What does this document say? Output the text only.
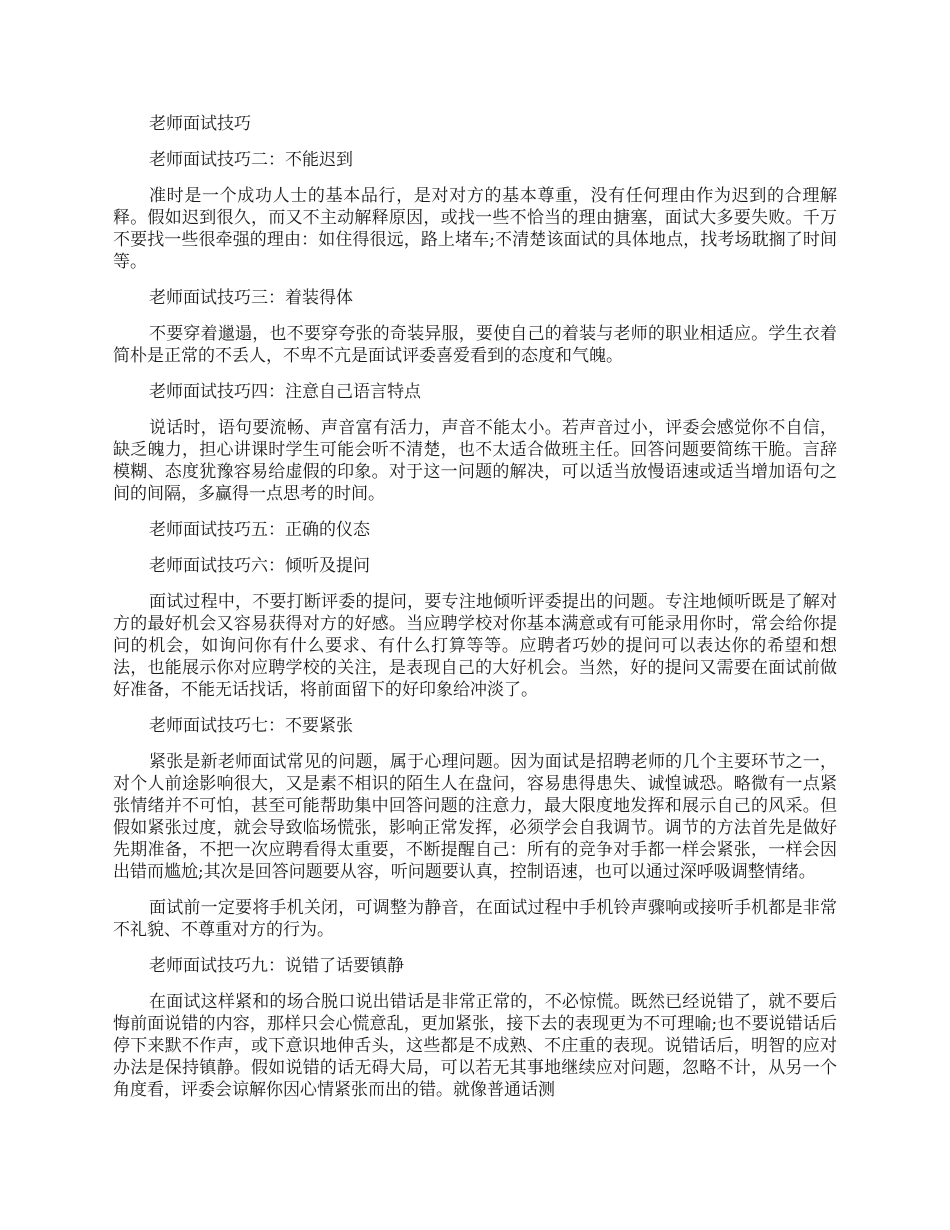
老师面试技巧
老师面试技巧二：不能迟到
准时是一个成功人士的基本品行，是对对方的基本尊重，没有任何理由作为迟到的合理解释。假如迟到很久，而又不主动解释原因，或找一些不恰当的理由搪塞，面试大多要失败。千万不要找一些很牵强的理由：如住得很远，路上堵车;不清楚该面试的具体地点，找考场耽搁了时间等。
老师面试技巧三：着装得体
不要穿着邋遢，也不要穿夸张的奇装异服，要使自己的着装与老师的职业相适应。学生衣着简朴是正常的不丢人，不卑不亢是面试评委喜爱看到的态度和气魄。
老师面试技巧四：注意自己语言特点
说话时，语句要流畅、声音富有活力，声音不能太小。若声音过小，评委会感觉你不自信，缺乏魄力，担心讲课时学生可能会听不清楚，也不太适合做班主任。回答问题要简练干脆。言辞模糊、态度犹豫容易给虚假的印象。对于这一问题的解决，可以适当放慢语速或适当增加语句之间的间隔，多赢得一点思考的时间。
老师面试技巧五：正确的仪态
老师面试技巧六：倾听及提问
面试过程中，不要打断评委的提问，要专注地倾听评委提出的问题。专注地倾听既是了解对方的最好机会又容易获得对方的好感。当应聘学校对你基本满意或有可能录用你时，常会给你提问的机会，如询问你有什么要求、有什么打算等等。应聘者巧妙的提问可以表达你的希望和想法，也能展示你对应聘学校的关注，是表现自己的大好机会。当然，好的提问又需要在面试前做好准备，不能无话找话，将前面留下的好印象给冲淡了。
老师面试技巧七：不要紧张
紧张是新老师面试常见的问题，属于心理问题。因为面试是招聘老师的几个主要环节之一，对个人前途影响很大，又是素不相识的陌生人在盘问，容易患得患失、诚惶诚恐。略微有一点紧张情绪并不可怕，甚至可能帮助集中回答问题的注意力，最大限度地发挥和展示自己的风采。但假如紧张过度，就会导致临场慌张，影响正常发挥，必须学会自我调节。调节的方法首先是做好先期准备，不把一次应聘看得太重要，不断提醒自己：所有的竞争对手都一样会紧张，一样会因出错而尴尬;其次是回答问题要从容，听问题要认真，控制语速，也可以通过深呼吸调整情绪。
面试前一定要将手机关闭，可调整为静音，在面试过程中手机铃声骤响或接听手机都是非常不礼貌、不尊重对方的行为。
老师面试技巧九：说错了话要镇静
在面试这样紧和的场合脱口说出错话是非常正常的，不必惊慌。既然已经说错了，就不要后悔前面说错的内容，那样只会心慌意乱，更加紧张，接下去的表现更为不可理喻;也不要说错话后停下来默不作声，或下意识地伸舌头，这些都是不成熟、不庄重的表现。说错话后，明智的应对办法是保持镇静。假如说错的话无碍大局，可以若无其事地继续应对问题，忽略不计，从另一个角度看，评委会谅解你因心情紧张而出的错。就像普通话测
